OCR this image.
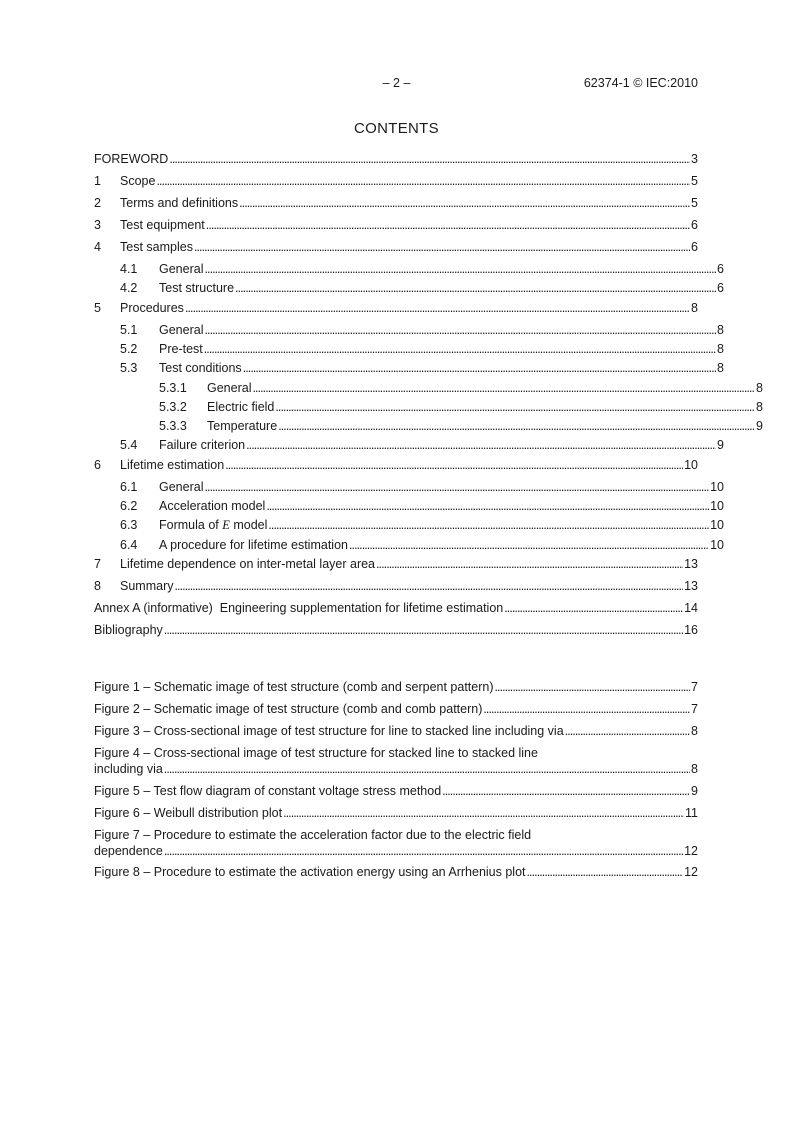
– 2 –	62374-1 © IEC:2010
CONTENTS
FOREWORD . . .	3
1	Scope . . .	5
2	Terms and definitions . . .	5
3	Test equipment . . .	6
4	Test samples . . .	6
4.1	General . . .	6
4.2	Test structure . . .	6
5	Procedures . . .	8
5.1	General . . .	8
5.2	Pre-test . . .	8
5.3	Test conditions . . .	8
5.3.1	General . . .	8
5.3.2	Electric field . . .	8
5.3.3	Temperature . . .	9
5.4	Failure criterion . . .	9
6	Lifetime estimation . . .	10
6.1	General . . .	10
6.2	Acceleration model . . .	10
6.3	Formula of E model . . .	10
6.4	A procedure for lifetime estimation . . .	10
7	Lifetime dependence on inter-metal layer area . . .	13
8	Summary . . .	13
Annex A (informative)  Engineering supplementation for lifetime estimation . . .	14
Bibliography . . .	16
Figure 1 – Schematic image of test structure (comb and serpent pattern) . . .	7
Figure 2 – Schematic image of test structure (comb and comb pattern) . . .	7
Figure 3 – Cross-sectional image of test structure for line to stacked line including via . . .	8
Figure 4 – Cross-sectional image of test structure for stacked line to stacked line
including via . . .	8
Figure 5 – Test flow diagram of constant voltage stress method . . .	9
Figure 6 – Weibull distribution plot . . .	11
Figure 7 – Procedure to estimate the acceleration factor due to the electric field
dependence . . .	12
Figure 8 – Procedure to estimate the activation energy using an Arrhenius plot . . .	12
